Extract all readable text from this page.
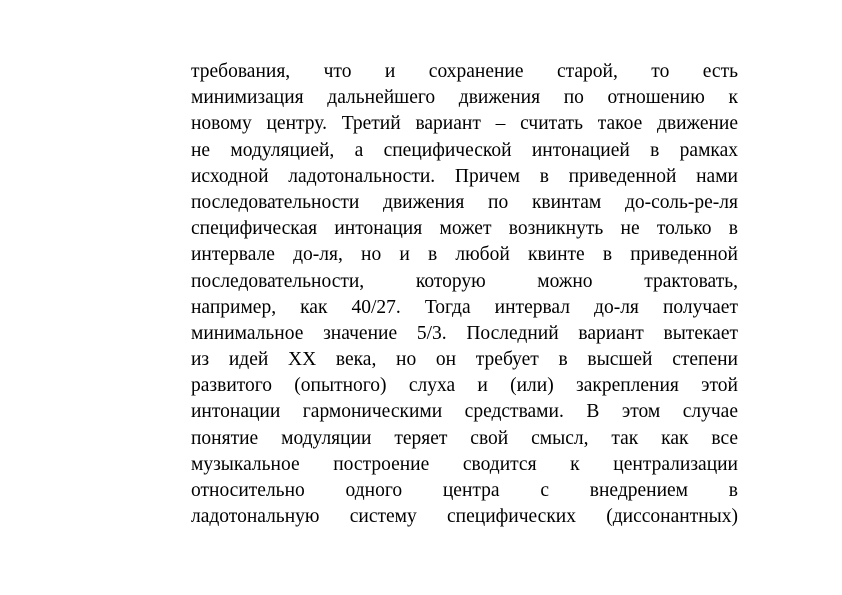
требования, что и сохранение старой, то есть
минимизация дальнейшего движения по отношению к
новому центру. Третий вариант – считать такое движение
не модуляцией, а специфической интонацией в рамках
исходной ладотональности. Причем в приведенной нами
последовательности движения по квинтам до-соль-ре-ля
специфическая интонация может возникнуть не только в
интервале до-ля, но и в любой квинте в приведенной
последовательности, которую можно трактовать,
например, как 40/27. Тогда интервал до-ля получает
минимальное значение 5/3. Последний вариант вытекает
из идей XX века, но он требует в высшей степени
развитого (опытного) слуха и (или) закрепления этой
интонации гармоническими средствами. В этом случае
понятие модуляции теряет свой смысл, так как все
музыкальное построение сводится к централизации
относительно одного центра с внедрением в
ладотональную систему специфических (диссонантных)
